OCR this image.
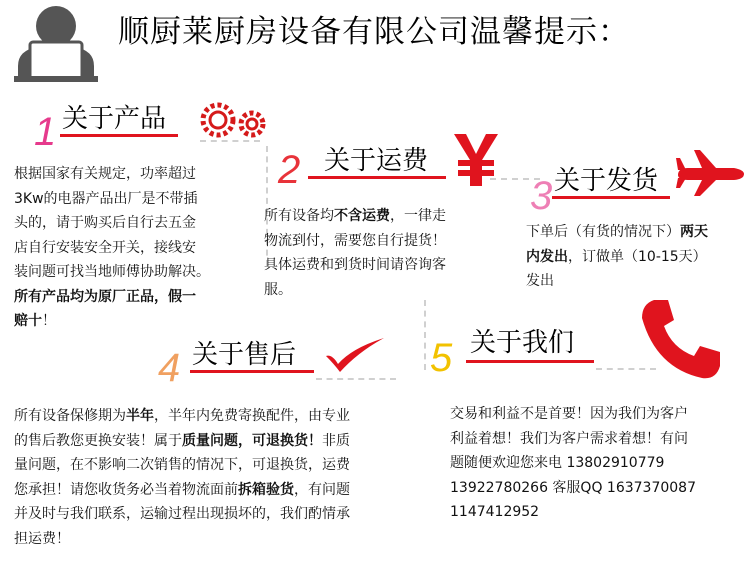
顺厨莱厨房设备有限公司温馨提示：
1 关于产品
根据国家有关规定，功率超过
3Kw的电器产品出厂是不带插
头的，请于购买后自行去五金
店自行安装安全开关，接线安
装问题可找当地师傅协助解决。
所有产品均为原厂正品，假一
赔十！
2 关于运费
所有设备均不含运费，一律走
物流到付，需要您自行提货！
具体运费和到货时间请咨询客
服。
3 关于发货
下单后（有货的情况下）两天
内发出，订做单（10-15天）
发出
4 关于售后
所有设备保修期为半年，半年内免费寄换配件，由专业
的售后教您更换安装！属于质量问题，可退换货！非质
量问题，在不影响二次销售的情况下，可退换货，运费
您承担！请您收货务必当着物流面前拆箱验货，有问题
并及时与我们联系，运输过程出现损坏的，我们酌情承
担运费！
5 关于我们
交易和利益不是首要！因为我们为客户
利益着想！我们为客户需求着想！有问
题随便欢迎您来电 13802910779
13922780266 客服QQ 1637370087
1147412952
